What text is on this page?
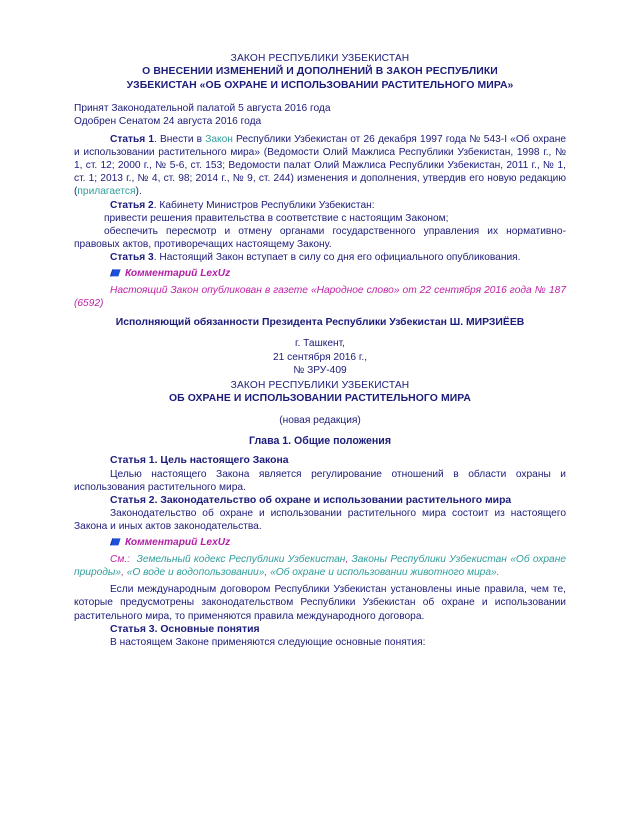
ЗАКОН РЕСПУБЛИКИ УЗБЕКИСТАН
О ВНЕСЕНИИ ИЗМЕНЕНИЙ И ДОПОЛНЕНИЙ В ЗАКОН РЕСПУБЛИКИ
УЗБЕКИСТАН «ОБ ОХРАНЕ И ИСПОЛЬЗОВАНИИ РАСТИТЕЛЬНОГО МИРА»
Принят Законодательной палатой 5 августа 2016 года
Одобрен Сенатом 24 августа 2016 года
Статья 1. Внести в Закон Республики Узбекистан от 26 декабря 1997 года № 543-I «Об охране и использовании растительного мира» (Ведомости Олий Мажлиса Республики Узбекистан, 1998 г., № 1, ст. 12; 2000 г., № 5-6, ст. 153; Ведомости палат Олий Мажлиса Республики Узбекистан, 2011 г., № 1, ст. 1; 2013 г., № 4, ст. 98; 2014 г., № 9, ст. 244) изменения и дополнения, утвердив его новую редакцию (прилагается).
Статья 2. Кабинету Министров Республики Узбекистан:
привести решения правительства в соответствие с настоящим Законом;
обеспечить пересмотр и отмену органами государственного управления их нормативно-правовых актов, противоречащих настоящему Закону.
Статья 3. Настоящий Закон вступает в силу со дня его официального опубликования.
Комментарий LexUz
Настоящий Закон опубликован в газете «Народное слово» от 22 сентября 2016 года № 187 (6592)
Исполняющий обязанности Президента Республики Узбекистан Ш. МИРЗИЁЕВ
г. Ташкент,
21 сентября 2016 г.,
№ ЗРУ-409
ЗАКОН РЕСПУБЛИКИ УЗБЕКИСТАН
ОБ ОХРАНЕ И ИСПОЛЬЗОВАНИИ РАСТИТЕЛЬНОГО МИРА
(новая редакция)
Глава 1. Общие положения
Статья 1. Цель настоящего Закона
Целью настоящего Закона является регулирование отношений в области охраны и использования растительного мира.
Статья 2. Законодательство об охране и использовании растительного мира
Законодательство об охране и использовании растительного мира состоит из настоящего Закона и иных актов законодательства.
Комментарий LexUz
См.: Земельный кодекс Республики Узбекистан, Законы Республики Узбекистан «Об охране природы», «О воде и водопользовании», «Об охране и использовании животного мира».
Если международным договором Республики Узбекистан установлены иные правила, чем те, которые предусмотрены законодательством Республики Узбекистан об охране и использовании растительного мира, то применяются правила международного договора.
Статья 3. Основные понятия
В настоящем Законе применяются следующие основные понятия:
